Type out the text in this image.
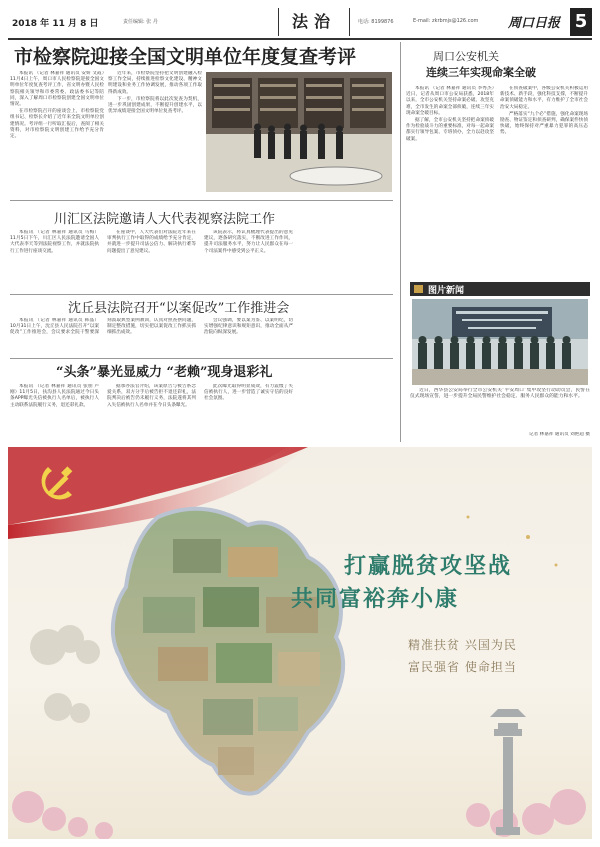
2018 年 11 月 8 日	责任编辑: 张 丹	电话: 8199876	E-mail: zkrbmjs@126.com
法治	周口日报 5
市检察院迎接全国文明单位年度复查考评

本报讯 （记者 林嘉祥 通讯员 安妍 文霞）11月4日上午，周口市人民检察院迎接全国文明单位年度复查考评工作，省文明办暨人民检察院相关领导和市委常委、政法委书记等陪同，深入了解周口市检察院创建全国文明单位情况。

在市检察院召开的座谈会上，市检察院党组书记、检察长介绍了近年来全院文明单位创建情况。考评组一行听取汇报后，查阅了相关资料，对市检察院文明创建工作给予充分肯定。

近年来，市检察院坚持把文明创建融入检察工作全局，持续推进检察文化建设、精神文明建设和业务工作协调发展，推动各项工作取得新成效。

下一步，市检察院将以此次复查为契机，进一步巩固创建成果，不断提升创建水平，以优异成绩迎接全国文明单位复查考评。

周口公安机关
连续三年实现命案全破

本报讯 （记者 林嘉祥 通讯员 李秀杰）近日，记者从周口市公安局获悉，2018年以来，全市公安机关坚持命案必破、攻坚克难，全市发生的命案全部侦破，连续三年实现命案全破目标。

据了解，全市公安机关坚持把命案侦破作为检验战斗力的重要标准，对每一起命案都实行领导包案、专班侦办，全力以赴攻坚破案。

在侦查破案中，各级公安机关积极运用新技术、新手段，强化科技支撑，不断提升命案侦破能力和水平，有力维护了全市社会治安大局稳定。

严格落实“九个必”措施，强化命案现场勘查、物证鉴定和侦查研判，确保案件快侦快破，始终保持对严重暴力犯罪的高压态势。

川汇区法院邀请人大代表视察法院工作

本报讯 （记者 林嘉祥 通讯员 马梅）11月5日下午，川汇区人民法院邀请全国人大代表李天等到法院视察工作，并就法院执行工作进行座谈交流。

在座谈中，人大代表们对法院近年来在审判执行工作中取得的成绩给予充分肯定，并就进一步提升司法公信力、解决执行难等问题提出了意见建议。

该院表示，将认真梳理代表提出的意见建议，逐条研究落实，不断改进工作作风，提升司法服务水平，努力让人民群众在每一个司法案件中感受到公平正义。

沈丘县法院召开“以案促改”工作推进会

本报讯 （记者 林嘉祥 通讯员 韩晶）10月31日上午，沈丘县人民法院召开“以案促改”工作推进会，会议要求全院干警要深刻汲取典型案例教训，认真对照查摆问题，制定整改措施，切实把以案促改工作抓实抓细抓出成效。

会议强调，要以案为鉴、以案明纪，切实增强纪律意识和规矩意识，推动全面从严治院向纵深发展。

“头条”暴光显威力 “老赖”现身退彩礼

本报讯 （记者 林嘉祥 通讯员 张朋 卢刚）11月5日，扶沟县人民法院通过今日头条APP曝光失信被执行人名单后，被执行人主动联系法院履行义务，退还彩礼款。

据承办法官介绍，该案原告与被告系恋爱关系，双方分手后被告拒不退还彩礼，法院判决后被告仍未履行义务，法院遂将其列入失信被执行人名单并在今日头条曝光。

此次曝光取得明显成效，有力震慑了失信被执行人，进一步营造了诚实守信的良好社会氛围。

图片新闻

近日，西华县公安局举行全市公安机关“平安周口”集中攻坚行动动员会，民警在仪式现场宣誓，进一步提升全局民警维护社会稳定、服务人民群众的能力和水平。

记者 林嘉祥 通讯员 刘艳超 摄
打赢脱贫攻坚战
共同富裕奔小康
精准扶贫 兴国为民
富民强省 使命担当
